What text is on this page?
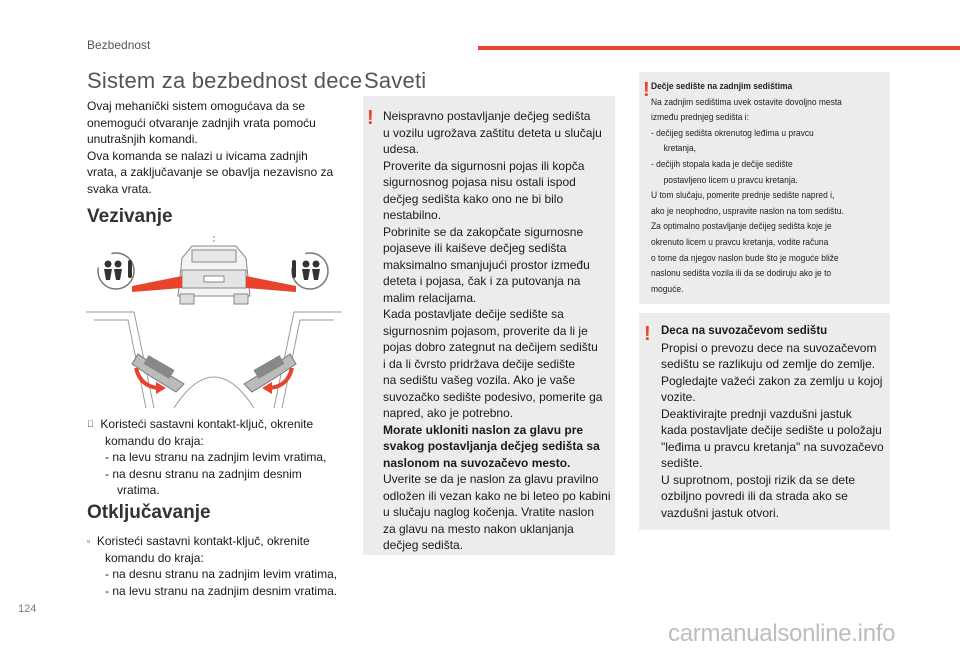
Bezbednost
Sistem za bezbednost dece
Ovaj mehanički sistem omogućava da se
onemogući otvaranje zadnjih vrata pomoću
unutrašnjih komandi.
Ova komanda se nalazi u ivicama zadnjih
vrata, a zaključavanje se obavlja nezavisno za
svaka vrata.
Vezivanje
Koristeći sastavni kontakt-ključ, okrenite
komandu do kraja:
- na levu stranu na zadnjim levim vratima,
- na desnu stranu na zadnjim desnim
vratima.
Otključavanje
▫ Koristeći sastavni kontakt-ključ, okrenite
komandu do kraja:
- na desnu stranu na zadnjim levim vratima,
- na levu stranu na zadnjim desnim vratima.
Saveti
! Neispravno postavljanje dečjeg sedišta
u vozilu ugrožava zaštitu deteta u slučaju
udesa.
Proverite da sigurnosni pojas ili kopča
sigurnosnog pojasa nisu ostali ispod
dečjeg sedišta kako ono ne bi bilo
nestabilno.
Pobrinite se da zakopčate sigurnosne
pojaseve ili kaiševe dečjeg sedišta
maksimalno smanjujući prostor između
deteta i pojasa, čak i za putovanja na
malim relacijama.
Kada postavljate dečije sedište sa
sigurnosnim pojasom, proverite da li je
pojas dobro zategnut na dečijem sedištu
i da li čvrsto pridržava dečije sedište
na sedištu vašeg vozila. Ako je vaše
suvozačko sedište podesivo, pomerite ga
napred, ako je potrebno.
Morate ukloniti naslon za glavu pre
svakog postavljanja dečjeg sedišta sa
naslonom na suvozačevo mesto.
Uverite se da je naslon za glavu pravilno
odložen ili vezan kako ne bi leteo po kabini
u slučaju naglog kočenja. Vratite naslon
za glavu na mesto nakon uklanjanja
dečjeg sedišta.
! Dečje sedište na zadnjim sedištima
Na zadnjim sedištima uvek ostavite dovoljno mesta
između prednjeg sedišta i:
- dečijeg sedišta okrenutog leđima u pravcu
kretanja,
- dečijih stopala kada je dečije sedište
postavljeno licem u pravcu kretanja.
U tom slučaju, pomerite prednje sedište napred i,
ako je neophodno, uspravite naslon na tom sedištu.
Za optimalno postavljanje dečijeg sedišta koje je
okrenuto licem u pravcu kretanja, vodite računa
o tome da njegov naslon bude što je moguće bliže
naslonu sedišta vozila ili da se dodiruju ako je to
moguće.
! Deca na suvozačevom sedištu
Propisi o prevozu dece na suvozačevom
sedištu se razlikuju od zemlje do zemlje.
Pogledajte važeći zakon za zemlju u kojoj
vozite.
Deaktivirajte prednji vazdušni jastuk
kada postavljate dečije sedište u položaju
"leđima u pravcu kretanja" na suvozačevo
sedište.
U suprotnom, postoji rizik da se dete
ozbiljno povredi ili da strada ako se
vazdušni jastuk otvori.
124
carmanualsonline.info
